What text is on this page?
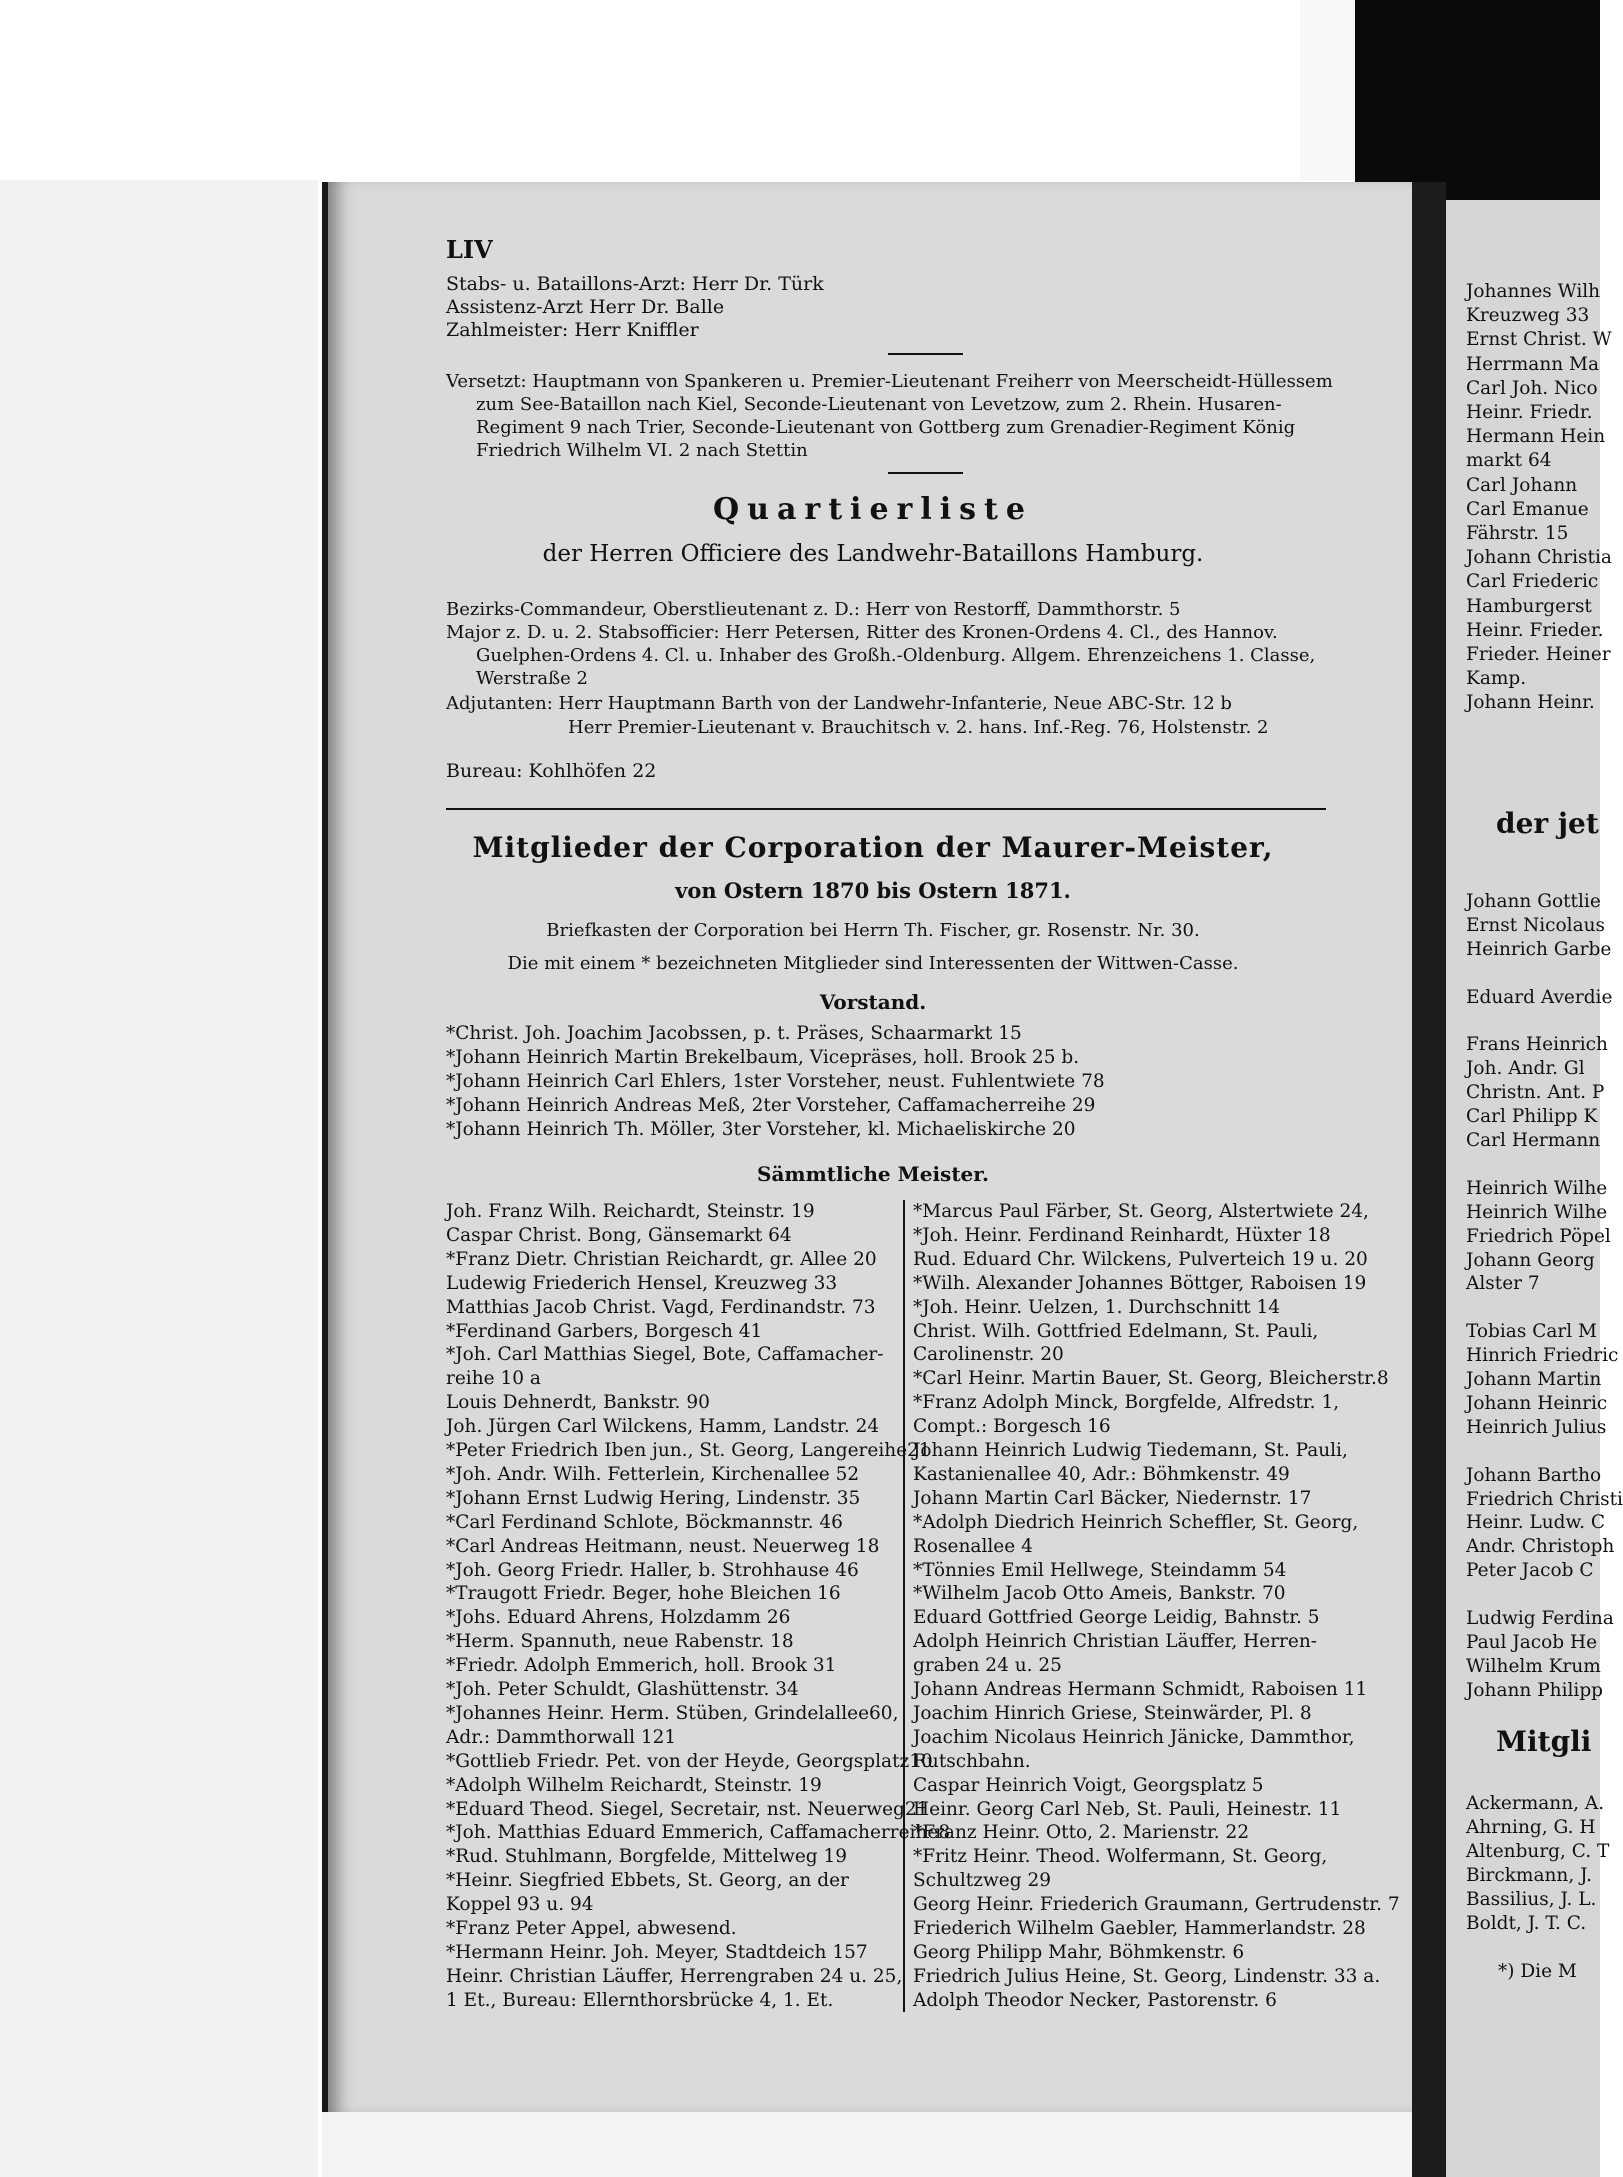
LIV
Stabs- u. Bataillons-Arzt: Herr Dr. Türk
Assistenz-Arzt Herr Dr. Balle
Zahlmeister: Herr Kniffler
Versetzt: Hauptmann von Spankeren u. Premier-Lieutenant Freiherr von Meerscheidt-Hüllessem
zum See-Bataillon nach Kiel, Seconde-Lieutenant von Levetzow, zum 2. Rhein. Husaren-
Regiment 9 nach Trier, Seconde-Lieutenant von Gottberg zum Grenadier-Regiment König
Friedrich Wilhelm VI. 2 nach Stettin
Quartierliste
der Herren Officiere des Landwehr-Bataillons Hamburg.
Bezirks-Commandeur, Oberstlieutenant z. D.: Herr von Restorff, Dammthorstr. 5
Major z. D. u. 2. Stabsofficier: Herr Petersen, Ritter des Kronen-Ordens 4. Cl., des Hannov.
Guelphen-Ordens 4. Cl. u. Inhaber des Großh.-Oldenburg. Allgem. Ehrenzeichens 1. Classe,
Werstraße 2
Adjutanten: Herr Hauptmann Barth von der Landwehr-Infanterie, Neue ABC-Str. 12 b
Herr Premier-Lieutenant v. Brauchitsch v. 2. hans. Inf.-Reg. 76, Holstenstr. 2
Bureau: Kohlhöfen 22
Mitglieder der Corporation der Maurer-Meister,
von Ostern 1870 bis Ostern 1871.
Briefkasten der Corporation bei Herrn Th. Fischer, gr. Rosenstr. Nr. 30.
Die mit einem * bezeichneten Mitglieder sind Interessenten der Wittwen-Casse.
Vorstand.
*Christ. Joh. Joachim Jacobssen, p. t. Präses, Schaarmarkt 15
*Johann Heinrich Martin Brekelbaum, Vicepräses, holl. Brook 25 b.
*Johann Heinrich Carl Ehlers, 1ster Vorsteher, neust. Fuhlentwiete 78
*Johann Heinrich Andreas Meß, 2ter Vorsteher, Caffamacherreihe 29
*Johann Heinrich Th. Möller, 3ter Vorsteher, kl. Michaeliskirche 20
Sämmtliche Meister.
Joh. Franz Wilh. Reichardt, Steinstr. 19
Caspar Christ. Bong, Gänsemarkt 64
*Franz Dietr. Christian Reichardt, gr. Allee 20
Ludewig Friederich Hensel, Kreuzweg 33
Matthias Jacob Christ. Vagd, Ferdinandstr. 73
*Ferdinand Garbers, Borgesch 41
*Joh. Carl Matthias Siegel, Bote, Caffamacher-
reihe 10 a
Louis Dehnerdt, Bankstr. 90
Joh. Jürgen Carl Wilckens, Hamm, Landstr. 24
*Peter Friedrich Iben jun., St. Georg, Langereihe21
*Joh. Andr. Wilh. Fetterlein, Kirchenallee 52
*Johann Ernst Ludwig Hering, Lindenstr. 35
*Carl Ferdinand Schlote, Böckmannstr. 46
*Carl Andreas Heitmann, neust. Neuerweg 18
*Joh. Georg Friedr. Haller, b. Strohhause 46
*Traugott Friedr. Beger, hohe Bleichen 16
*Johs. Eduard Ahrens, Holzdamm 26
*Herm. Spannuth, neue Rabenstr. 18
*Friedr. Adolph Emmerich, holl. Brook 31
*Joh. Peter Schuldt, Glashüttenstr. 34
*Johannes Heinr. Herm. Stüben, Grindelallee60,
Adr.: Dammthorwall 121
*Gottlieb Friedr. Pet. von der Heyde, Georgsplatz10
*Adolph Wilhelm Reichardt, Steinstr. 19
*Eduard Theod. Siegel, Secretair, nst. Neuerweg21
*Joh. Matthias Eduard Emmerich, Caffamacherreihe8
*Rud. Stuhlmann, Borgfelde, Mittelweg 19
*Heinr. Siegfried Ebbets, St. Georg, an der
Koppel 93 u. 94
*Franz Peter Appel, abwesend.
*Hermann Heinr. Joh. Meyer, Stadtdeich 157
Heinr. Christian Läuffer, Herrengraben 24 u. 25,
1 Et., Bureau: Ellernthorsbrücke 4, 1. Et.
*Marcus Paul Färber, St. Georg, Alstertwiete 24,
*Joh. Heinr. Ferdinand Reinhardt, Hüxter 18
Rud. Eduard Chr. Wilckens, Pulverteich 19 u. 20
*Wilh. Alexander Johannes Böttger, Raboisen 19
*Joh. Heinr. Uelzen, 1. Durchschnitt 14
Christ. Wilh. Gottfried Edelmann, St. Pauli,
Carolinenstr. 20
*Carl Heinr. Martin Bauer, St. Georg, Bleicherstr.8
*Franz Adolph Minck, Borgfelde, Alfredstr. 1,
Compt.: Borgesch 16
Johann Heinrich Ludwig Tiedemann, St. Pauli,
Kastanienallee 40, Adr.: Böhmkenstr. 49
Johann Martin Carl Bäcker, Niedernstr. 17
*Adolph Diedrich Heinrich Scheffler, St. Georg,
Rosenallee 4
*Tönnies Emil Hellwege, Steindamm 54
*Wilhelm Jacob Otto Ameis, Bankstr. 70
Eduard Gottfried George Leidig, Bahnstr. 5
Adolph Heinrich Christian Läuffer, Herren-
graben 24 u. 25
Johann Andreas Hermann Schmidt, Raboisen 11
Joachim Hinrich Griese, Steinwärder, Pl. 8
Joachim Nicolaus Heinrich Jänicke, Dammthor,
Rutschbahn.
Caspar Heinrich Voigt, Georgsplatz 5
Heinr. Georg Carl Neb, St. Pauli, Heinestr. 11
*Franz Heinr. Otto, 2. Marienstr. 22
*Fritz Heinr. Theod. Wolfermann, St. Georg,
Schultzweg 29
Georg Heinr. Friederich Graumann, Gertrudenstr. 7
Friederich Wilhelm Gaebler, Hammerlandstr. 28
Georg Philipp Mahr, Böhmkenstr. 6
Friedrich Julius Heine, St. Georg, Lindenstr. 33 a.
Adolph Theodor Necker, Pastorenstr. 6
Johannes Wilh
Kreuzweg 33
Ernst Christ. W
Herrmann Ma
Carl Joh. Nico
Heinr. Friedr.
Hermann Hein
markt 64
Carl Johann
Carl Emanue
Fährstr. 15
Johann Christia
Carl Friederic
Hamburgerst
Heinr. Frieder.
Frieder. Heiner
Kamp.
Johann Heinr.
der jet
Johann Gottlie
Ernst Nicolaus
Heinrich Garbe
Eduard Averdie
Frans Heinrich
Joh. Andr. Gl
Christn. Ant. P
Carl Philipp K
Carl Hermann
Heinrich Wilhe
Heinrich Wilhe
Friedrich Pöpel
Johann Georg
Alster 7
Tobias Carl M
Hinrich Friedric
Johann Martin
Johann Heinric
Heinrich Julius
Johann Bartho
Friedrich Christi
Heinr. Ludw. C
Andr. Christoph
Peter Jacob C
Ludwig Ferdina
Paul Jacob He
Wilhelm Krum
Johann Philipp
Mitgli
Ackermann, A.
Ahrning, G. H
Altenburg, C. T
Birckmann, J.
Bassilius, J. L.
Boldt, J. T. C.
*) Die M
